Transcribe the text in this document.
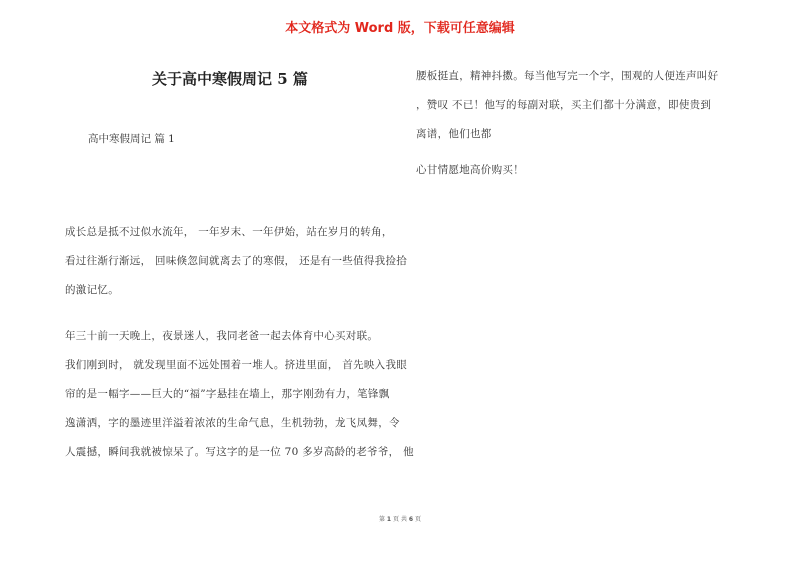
本文格式为 Word 版，下载可任意编辑
关于高中寒假周记 5 篇
高中寒假周记 篇 1
成长总是抵不过似水流年， 一年岁末、一年伊始，站在岁月的转角，
看过往渐行渐远， 回味倏忽间就离去了的寒假， 还是有一些值得我捡拾
的激记忆。
年三十前一天晚上，夜景迷人，我同老爸一起去体育中心买对联。
我们刚到时， 就发现里面不远处围着一堆人。挤进里面， 首先映入我眼
帘的是一幅字——巨大的“福”字悬挂在墙上，那字刚劲有力，笔锋飘
逸潇洒，字的墨迹里洋溢着浓浓的生命气息，生机勃勃，龙飞凤舞，令
人震撼，瞬间我就被惊呆了。写这字的是一位 70 多岁高龄的老爷爷， 他
腰板挺直，精神抖擞。每当他写完一个字，围观的人便连声叫好
，赞叹 不已！他写的每副对联，买主们都十分满意，即使贵到
离谱，他们也都
心甘情愿地高价购买！
第 1 页 共 6 页
